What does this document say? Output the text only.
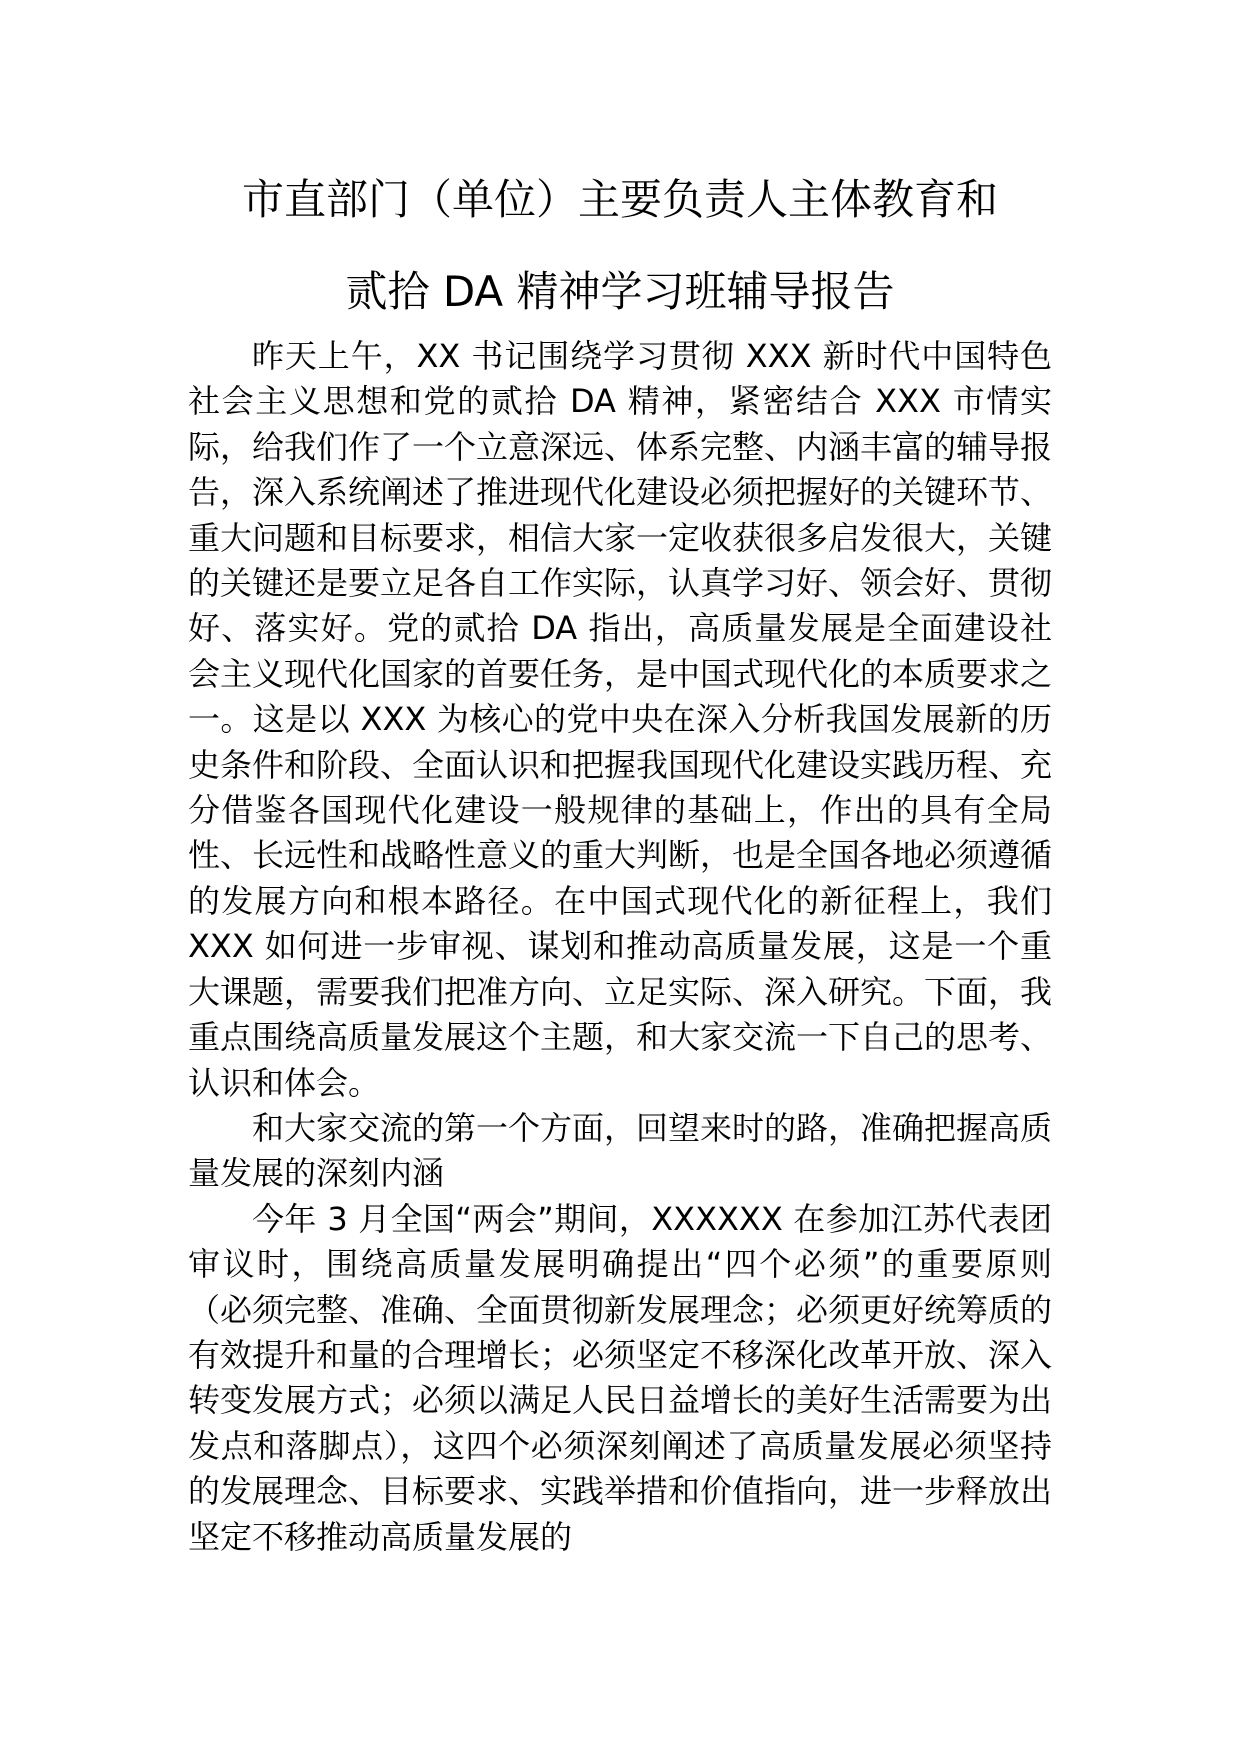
市直部门（单位）主要负责人主体教育和
贰拾 DA 精神学习班辅导报告

昨天上午，XX 书记围绕学习贯彻 XXX 新时代中国特色社会主义思想和党的贰拾 DA 精神，紧密结合 XXX 市情实际，给我们作了一个立意深远、体系完整、内涵丰富的辅导报告，深入系统阐述了推进现代化建设必须把握好的关键环节、重大问题和目标要求，相信大家一定收获很多启发很大，关键的关键还是要立足各自工作实际，认真学习好、领会好、贯彻好、落实好。党的贰拾 DA 指出，高质量发展是全面建设社会主义现代化国家的首要任务，是中国式现代化的本质要求之一。这是以 XXX 为核心的党中央在深入分析我国发展新的历史条件和阶段、全面认识和把握我国现代化建设实践历程、充分借鉴各国现代化建设一般规律的基础上，作出的具有全局性、长远性和战略性意义的重大判断，也是全国各地必须遵循的发展方向和根本路径。在中国式现代化的新征程上，我们 XXX 如何进一步审视、谋划和推动高质量发展，这是一个重大课题，需要我们把准方向、立足实际、深入研究。下面，我重点围绕高质量发展这个主题，和大家交流一下自己的思考、认识和体会。

和大家交流的第一个方面，回望来时的路，准确把握高质量发展的深刻内涵

今年 3 月全国“两会”期间，XXXXXX 在参加江苏代表团审议时，围绕高质量发展明确提出“四个必须”的重要原则（必须完整、准确、全面贯彻新发展理念；必须更好统筹质的有效提升和量的合理增长；必须坚定不移深化改革开放、深入转变发展方式；必须以满足人民日益增长的美好生活需要为出发点和落脚点），这四个必须深刻阐述了高质量发展必须坚持的发展理念、目标要求、实践举措和价值指向，进一步释放出坚定不移推动高质量发展的
